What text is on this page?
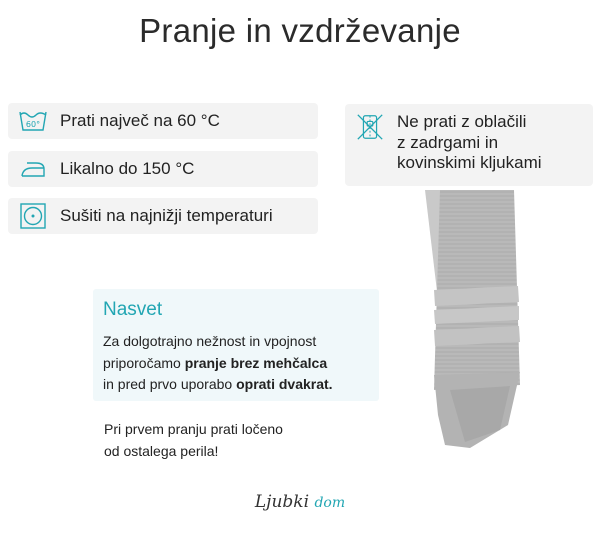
Pranje in vzdrževanje
60° Prati največ na 60 °C
Likalno do 150 °C
Sušiti na najnižji temperaturi
Ne prati z oblačili
z zadrgami in
kovinskimi kljukami
Nasvet
Za dolgotrajno nežnost in vpojnost
priporočamo pranje brez mehčalca
in pred prvo uporabo oprati dvakrat.
Pri prvem pranju prati ločeno
od ostalega perila!
Ljubki dom
